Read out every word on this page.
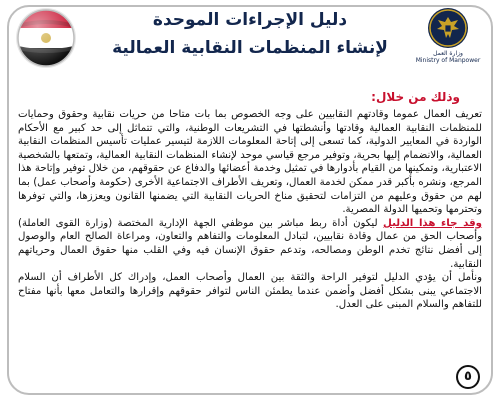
دليل الإجراءات الموحدة
لإنشاء المنظمات النقابية العمالية	وزارة العمل
Ministry of Manpower
وذلك من خلال:

تعريف العمال عموما وقادتهم النقابيين على وجه الخصوص بما بات متاحا من حريات نقابية وحقوق وحمايات للمنظمات النقابية العمالية وقادتها وأنشطتها في التشريعات الوطنية، والتي تتماثل إلى حد كبير مع الأحكام الواردة في المعايير الدولية، كما تسعى إلى إتاحة المعلومات اللازمة لتيسير عمليات تأسيس المنظمات النقابية العمالية، والانضمام إليها بحرية، وتوفير مرجع قياسي موحد لإنشاء المنظمات النقابية العمالية، وتمتعها بالشخصية الاعتبارية، وتمكينها من القيام بأدوارها في تمثيل وخدمة أعضائها والدفاع عن حقوقهم، من خلال توفير وإتاحة هذا المرجع، ونشره بأكبر قدر ممكن لخدمة العمال، وتعريف الأطراف الاجتماعية الأخرى (حكومة وأصحاب عمل) بما لهم من حقوق وعليهم من التزامات لتحقيق مناخ الحريات النقابية التي يضمنها القانون ويعززها، والتي توفرها وتحترمها وتحميها الدولة المصرية.

وقد جاء هذا الدليل ليكون أداة ربط مباشر بين موظفي الجهة الإدارية المختصة (وزارة القوى العاملة) وأصحاب الحق من عمال وقادة نقابيين، لتبادل المعلومات والتفاهم والتعاون، ومراعاة الصالح العام والوصول إلى أفضل نتائج تخدم الوطن ومصالحه، وتدعم حقوق الإنسان فيه وفي القلب منها حقوق العمال وحرياتهم النقابية.

ونأمل أن يؤدي الدليل لتوفير الراحة والثقة بين العمال وأصحاب العمل، وإدراك كل الأطراف أن السلام الاجتماعي يبنى بشكل أفضل وأضمن عندما يطمئن الناس لتوافر حقوقهم وإقرارها والتعامل معها بأنها مفتاح للتفاهم والسلام المبنى على العدل.

٥
